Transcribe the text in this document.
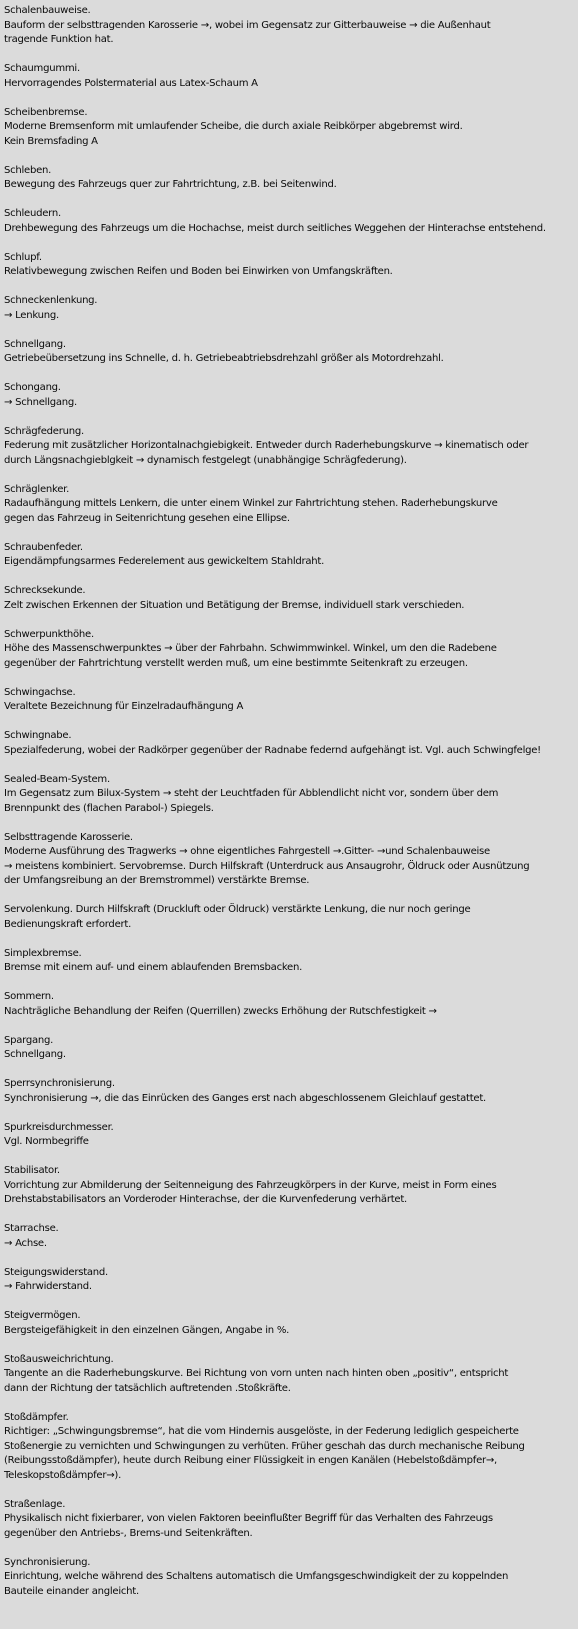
Schalenbauweise.
Bauform der selbsttragenden Karosserie →, wobei im Gegensatz zur Gitterbauweise → die Außenhaut
tragende Funktion hat.
Schaumgummi.
Hervorragendes Polstermaterial aus Latex-Schaum A
Scheibenbremse.
Moderne Bremsenform mit umlaufender Scheibe, die durch axiale Reibkörper abgebremst wird.
Kein Bremsfading A
Schleben.
Bewegung des Fahrzeugs quer zur Fahrtrichtung, z.B. bei Seitenwind.
Schleudern.
Drehbewegung des Fahrzeugs um die Hochachse, meist durch seitliches Weggehen der Hinterachse entstehend.
Schlupf.
Relativbewegung zwischen Reifen und Boden bei Einwirken von Umfangskräften.
Schneckenlenkung.
→ Lenkung.
Schnellgang.
Getriebeübersetzung ins Schnelle, d. h. Getriebeabtriebsdrehzahl größer als Motordrehzahl.
Schongang.
→ Schnellgang.
Schrägfederung.
Federung mit zusätzlicher Horizontalnachgiebigkeit. Entweder durch Raderhebungskurve → kinematisch oder
durch Längsnachgieblgkeit → dynamisch festgelegt (unabhängige Schrägfederung).
Schräglenker.
Radaufhängung mittels Lenkern, die unter einem Winkel zur Fahrtrichtung stehen. Raderhebungskurve
gegen das Fahrzeug in Seitenrichtung gesehen eine Ellipse.
Schraubenfeder.
Eigendämpfungsarmes Federelement aus gewickeltem Stahldraht.
Schrecksekunde.
Zelt zwischen Erkennen der Situation und Betätigung der Bremse, individuell stark verschieden.
Schwerpunkthöhe.
Höhe des Massenschwerpunktes → über der Fahrbahn. Schwimmwinkel. Winkel, um den die Radebene
gegenüber der Fahrtrichtung verstellt werden muß, um eine bestimmte Seitenkraft zu erzeugen.
Schwingachse.
Veraltete Bezeichnung für Einzelradaufhängung A
Schwingnabe.
Spezialfederung, wobei der Radkörper gegenüber der Radnabe federnd aufgehängt ist. Vgl. auch Schwingfelge!
Sealed-Beam-System.
Im Gegensatz zum Bilux-System → steht der Leuchtfaden für Abblendlicht nicht vor, sondern über dem
Brennpunkt des (flachen Parabol-) Spiegels.
Selbsttragende Karosserie.
Moderne Ausführung des Tragwerks → ohne eigentliches Fahrgestell →.Gitter- →und Schalenbauweise
→ meistens kombiniert. Servobremse. Durch Hilfskraft (Unterdruck aus Ansaugrohr, Öldruck oder Ausnützung
der Umfangsreibung an der Bremstrommel) verstärkte Bremse.
Servolenkung. Durch Hilfskraft (Druckluft oder Öldruck) verstärkte Lenkung, die nur noch geringe
Bedienungskraft erfordert.
Simplexbremse.
Bremse mit einem auf- und einem ablaufenden Bremsbacken.
Sommern.
Nachträgliche Behandlung der Reifen (Querrillen) zwecks Erhöhung der Rutschfestigkeit →
Spargang.
Schnellgang.
Sperrsynchronisierung.
Synchronisierung →, die das Einrücken des Ganges erst nach abgeschlossenem Gleichlauf gestattet.
Spurkreisdurchmesser.
Vgl. Normbegriffe
Stabilisator.
Vorrichtung zur Abmilderung der Seitenneigung des Fahrzeugkörpers in der Kurve, meist in Form eines
Drehstabstabilisators an Vorderoder Hinterachse, der die Kurvenfederung verhärtet.
Starrachse.
→ Achse.
Steigungswiderstand.
→ Fahrwiderstand.
Steigvermögen.
Bergsteigefähigkeit in den einzelnen Gängen, Angabe in %.
Stoßausweichrichtung.
Tangente an die Raderhebungskurve. Bei Richtung von vorn unten nach hinten oben „positiv“, entspricht
dann der Richtung der tatsächlich auftretenden .Stoßkräfte.
Stoßdämpfer.
Richtiger: „Schwingungsbremse“, hat die vom Hindernis ausgelöste, in der Federung lediglich gespeicherte
Stoßenergie zu vernichten und Schwingungen zu verhüten. Früher geschah das durch mechanische Reibung
(Reibungsstoßdämpfer), heute durch Reibung einer Flüssigkeit in engen Kanälen (Hebelstoßdämpfer→,
Teleskopstoßdämpfer→).
Straßenlage.
Physikalisch nicht fixierbarer, von vielen Faktoren beeinflußter Begriff für das Verhalten des Fahrzeugs
gegenüber den Antriebs-, Brems-und Seitenkräften.
Synchronisierung.
Einrichtung, welche während des Schaltens automatisch die Umfangsgeschwindigkeit der zu koppelnden
Bauteile einander angleicht.
